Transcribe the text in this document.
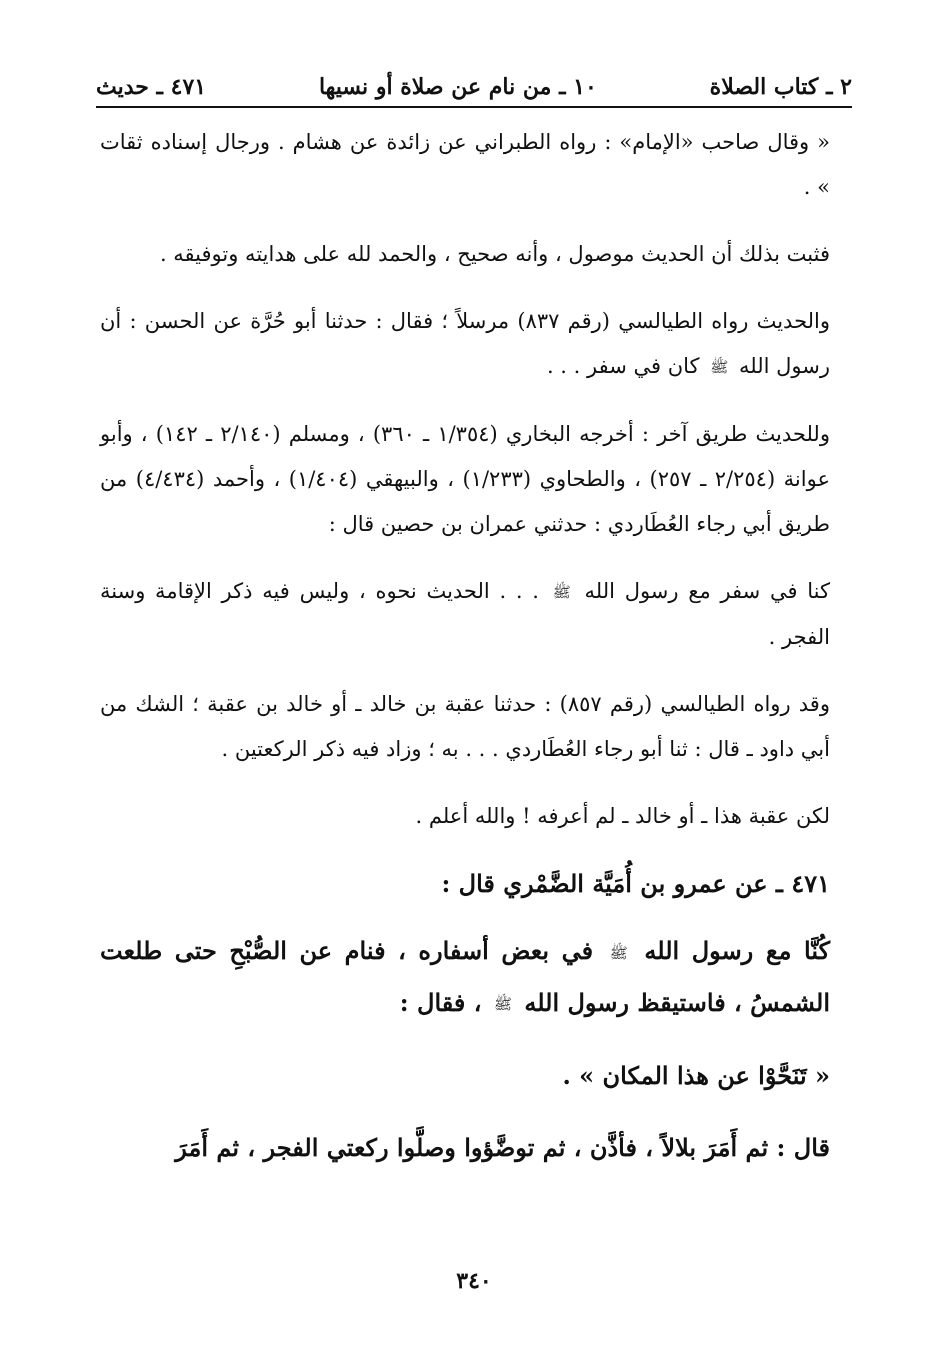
٢ ـ كتاب الصلاة
١٠ ـ من نام عن صلاة أو نسيها
٤٧١ ـ حديث

« وقال صاحب «الإمام» : رواه الطبراني عن زائدة عن هشام . ورجال إسناده ثقات » .

فثبت بذلك أن الحديث موصول ، وأنه صحيح ، والحمد لله على هدايته وتوفيقه .

والحديث رواه الطيالسي (رقم ٨٣٧) مرسلاً ؛ فقال : حدثنا أبو حُرَّة عن الحسن : أن رسول الله ﷺ كان في سفر . . .

وللحديث طريق آخر : أخرجه البخاري (١/٣٥٤ ـ ٣٦٠) ، ومسلم (٢/١٤٠ ـ ١٤٢) ، وأبو عوانة (٢/٢٥٤ ـ ٢٥٧) ، والطحاوي (١/٢٣٣) ، والبيهقي (١/٤٠٤) ، وأحمد (٤/٤٣٤) من طريق أبي رجاء العُطَاردي : حدثني عمران بن حصين قال :

كنا في سفر مع رسول الله ﷺ . . . الحديث نحوه ، وليس فيه ذكر الإقامة وسنة الفجر .

وقد رواه الطيالسي (رقم ٨٥٧) : حدثنا عقبة بن خالد ـ أو خالد بن عقبة ؛ الشك من أبي داود ـ قال : ثنا أبو رجاء العُطَاردي . . . به ؛ وزاد فيه ذكر الركعتين .

لكن عقبة هذا ـ أو خالد ـ لم أعرفه ! والله أعلم .

٤٧١ ـ عن عمرو بن أُمَيَّة الضَّمْري قال :

كُنَّا مع رسول الله ﷺ في بعض أسفاره ، فنام عن الصُّبْحِ حتى طلعت الشمسُ ، فاستيقظ رسول الله ﷺ ، فقال :

« تَنَحَّوْا عن هذا المكان » .

قال : ثم أَمَرَ بلالاً ، فأذَّن ، ثم توضَّؤوا وصلَّوا ركعتي الفجر ، ثم أَمَرَ

٣٤٠
